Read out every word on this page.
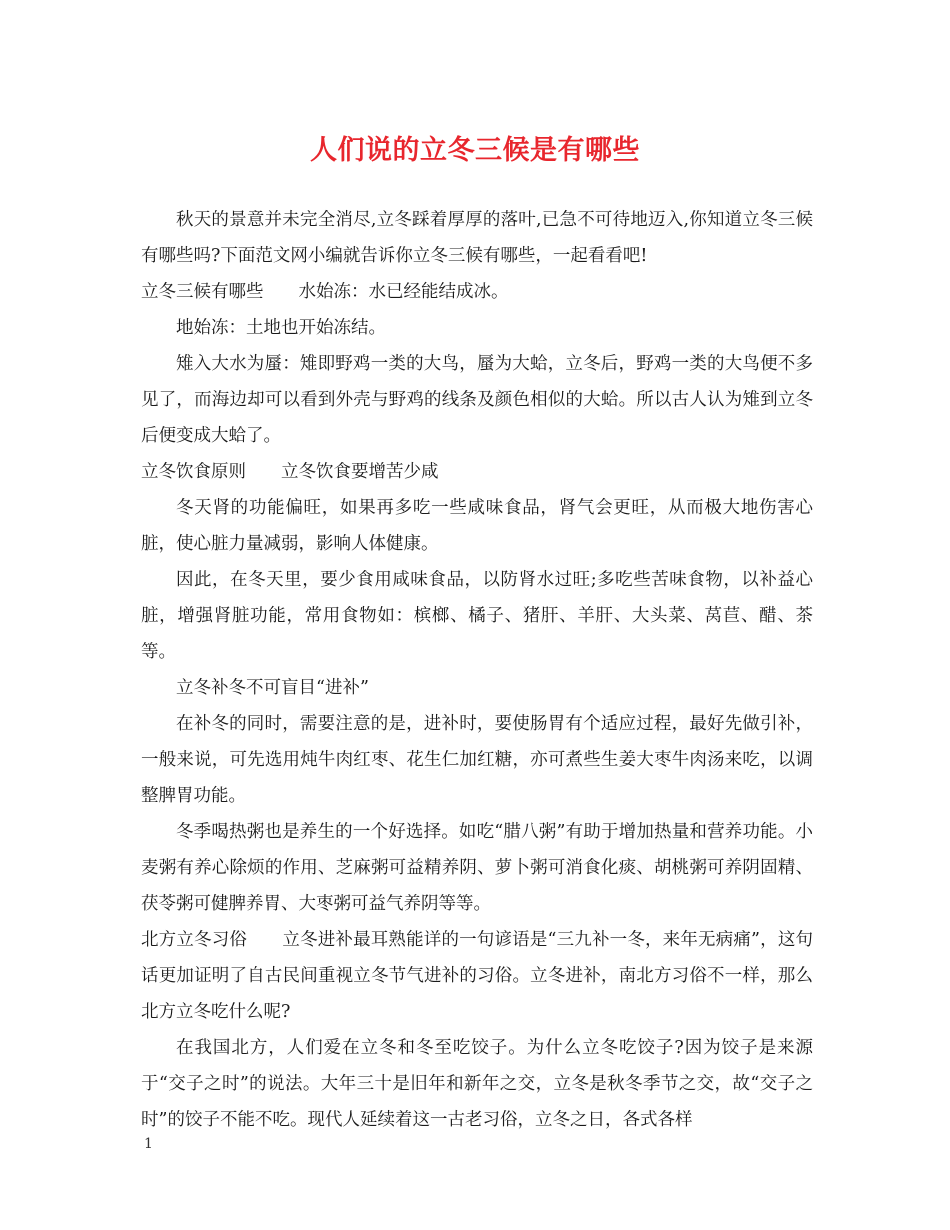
人们说的立冬三候是有哪些

秋天的景意并未完全消尽,立冬踩着厚厚的落叶,已急不可待地迈入,你知道立冬三候有哪些吗?下面范文网小编就告诉你立冬三候有哪些，一起看看吧!

立冬三候有哪些　　水始冻：水已经能结成冰。

地始冻：土地也开始冻结。

雉入大水为蜃：雉即野鸡一类的大鸟，蜃为大蛤，立冬后，野鸡一类的大鸟便不多见了，而海边却可以看到外壳与野鸡的线条及颜色相似的大蛤。所以古人认为雉到立冬后便变成大蛤了。

立冬饮食原则　　立冬饮食要增苦少咸

冬天肾的功能偏旺，如果再多吃一些咸味食品，肾气会更旺，从而极大地伤害心脏，使心脏力量减弱，影响人体健康。

因此，在冬天里，要少食用咸味食品，以防肾水过旺;多吃些苦味食物，以补益心脏，增强肾脏功能，常用食物如：槟榔、橘子、猪肝、羊肝、大头菜、莴苣、醋、茶等。

立冬补冬不可盲目“进补”

在补冬的同时，需要注意的是，进补时，要使肠胃有个适应过程，最好先做引补，一般来说，可先选用炖牛肉红枣、花生仁加红糖，亦可煮些生姜大枣牛肉汤来吃，以调整脾胃功能。

冬季喝热粥也是养生的一个好选择。如吃“腊八粥”有助于增加热量和营养功能。小麦粥有养心除烦的作用、芝麻粥可益精养阴、萝卜粥可消食化痰、胡桃粥可养阴固精、茯苓粥可健脾养胃、大枣粥可益气养阴等等。

北方立冬习俗　　立冬进补最耳熟能详的一句谚语是“三九补一冬，来年无病痛”，这句话更加证明了自古民间重视立冬节气进补的习俗。立冬进补，南北方习俗不一样，那么北方立冬吃什么呢?

在我国北方，人们爱在立冬和冬至吃饺子。为什么立冬吃饺子?因为饺子是来源于“交子之时”的说法。大年三十是旧年和新年之交，立冬是秋冬季节之交，故“交子之时”的饺子不能不吃。现代人延续着这一古老习俗，立冬之日，各式各样

1
